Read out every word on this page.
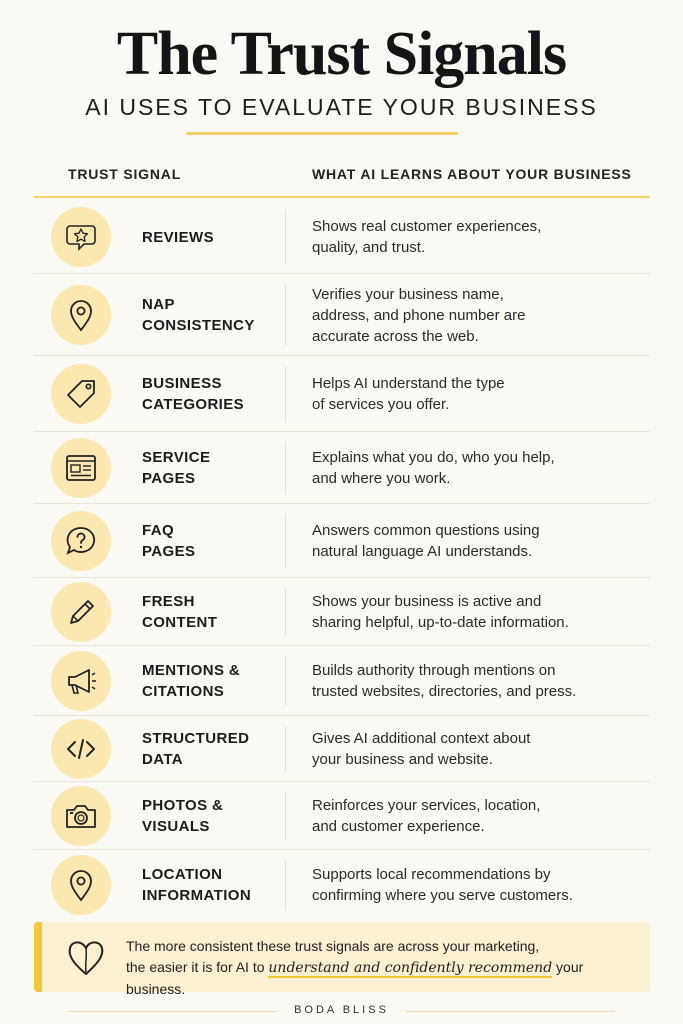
The Trust Signals
AI USES TO EVALUATE YOUR BUSINESS
TRUST SIGNAL	WHAT AI LEARNS ABOUT YOUR BUSINESS
REVIEWS
Shows real customer experiences,
quality, and trust.
NAP
CONSISTENCY
Verifies your business name,
address, and phone number are
accurate across the web.
BUSINESS
CATEGORIES
Helps AI understand the type
of services you offer.
SERVICE
PAGES
Explains what you do, who you help,
and where you work.
FAQ
PAGES
Answers common questions using
natural language AI understands.
FRESH
CONTENT
Shows your business is active and
sharing helpful, up-to-date information.
MENTIONS &
CITATIONS
Builds authority through mentions on
trusted websites, directories, and press.
STRUCTURED
DATA
Gives AI additional context about
your business and website.
PHOTOS &
VISUALS
Reinforces your services, location,
and customer experience.
LOCATION
INFORMATION
Supports local recommendations by
confirming where you serve customers.
The more consistent these trust signals are across your marketing,
the easier it is for AI to understand and confidently recommend your business.
BODA BLISS
